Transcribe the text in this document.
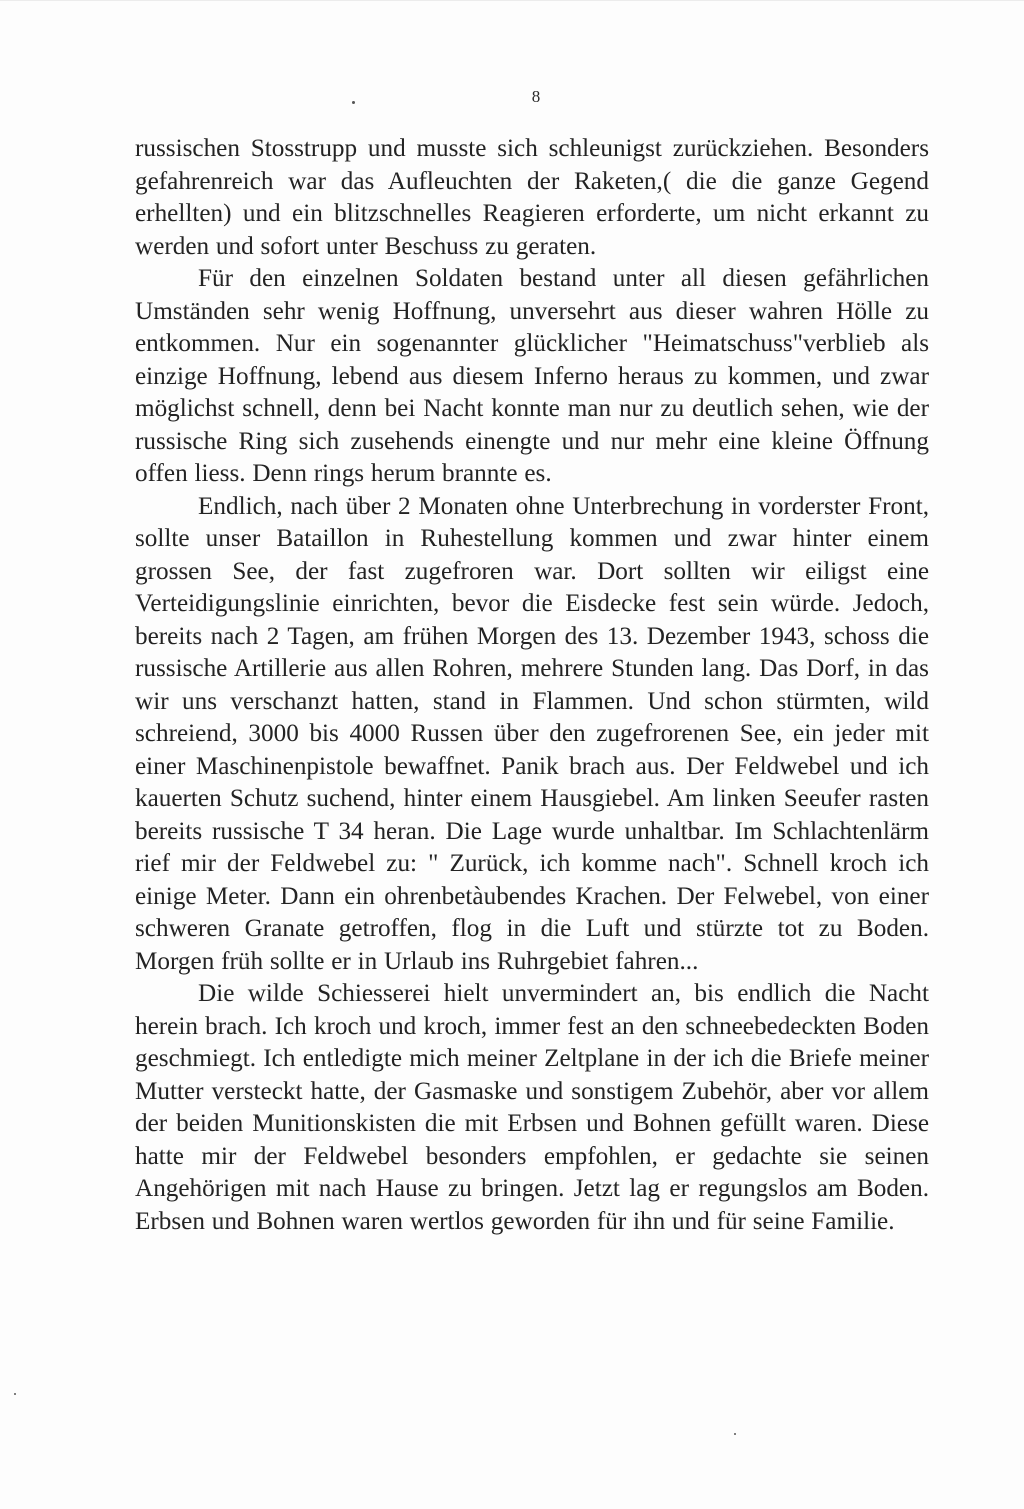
8

russischen Stosstrupp und musste sich schleunigst zurückziehen. Besonders gefahrenreich war das Aufleuchten der Raketen,( die die ganze Gegend erhellten) und ein blitzschnelles Reagieren erforderte, um nicht erkannt zu werden und sofort unter Beschuss zu geraten.

Für den einzelnen Soldaten bestand unter all diesen gefährlichen Umständen sehr wenig Hoffnung, unversehrt aus dieser wahren Hölle zu entkommen. Nur ein sogenannter glücklicher "Heimatschuss"verblieb als einzige Hoffnung, lebend aus diesem Inferno heraus zu kommen, und zwar möglichst schnell, denn bei Nacht konnte man nur zu deutlich sehen, wie der russische Ring sich zusehends einengte und nur mehr eine kleine Öffnung offen liess. Denn rings herum brannte es.

Endlich, nach über 2 Monaten ohne Unterbrechung in vorderster Front, sollte unser Bataillon in Ruhestellung kommen und zwar hinter einem grossen See, der fast zugefroren war. Dort sollten wir eiligst eine Verteidigungslinie einrichten, bevor die Eisdecke fest sein würde. Jedoch, bereits nach 2 Tagen, am frühen Morgen des 13. Dezember 1943, schoss die russische Artillerie aus allen Rohren, mehrere Stunden lang. Das Dorf, in das wir uns verschanzt hatten, stand in Flammen. Und schon stürmten, wild schreiend, 3000 bis 4000 Russen über den zugefrorenen See, ein jeder mit einer Maschinenpistole bewaffnet. Panik brach aus. Der Feldwebel und ich kauerten Schutz suchend, hinter einem Hausgiebel. Am linken Seeufer rasten bereits russische T 34 heran. Die Lage wurde unhaltbar. Im Schlachtenlärm rief mir der Feldwebel zu: " Zurück, ich komme nach". Schnell kroch ich einige Meter. Dann ein ohrenbetàubendes Krachen. Der Felwebel, von einer schweren Granate getroffen, flog in die Luft und stürzte tot zu Boden. Morgen früh sollte er in Urlaub ins Ruhrgebiet fahren...

Die wilde Schiesserei hielt unvermindert an, bis endlich die Nacht herein brach. Ich kroch und kroch, immer fest an den schneebedeckten Boden geschmiegt. Ich entledigte mich meiner Zeltplane in der ich die Briefe meiner Mutter versteckt hatte, der Gasmaske und sonstigem Zubehör, aber vor allem der beiden Munitionskisten die mit Erbsen und Bohnen gefüllt waren. Diese hatte mir der Feldwebel besonders empfohlen, er gedachte sie seinen Angehörigen mit nach Hause zu bringen. Jetzt lag er regungslos am Boden. Erbsen und Bohnen waren wertlos geworden für ihn und für seine Familie.
